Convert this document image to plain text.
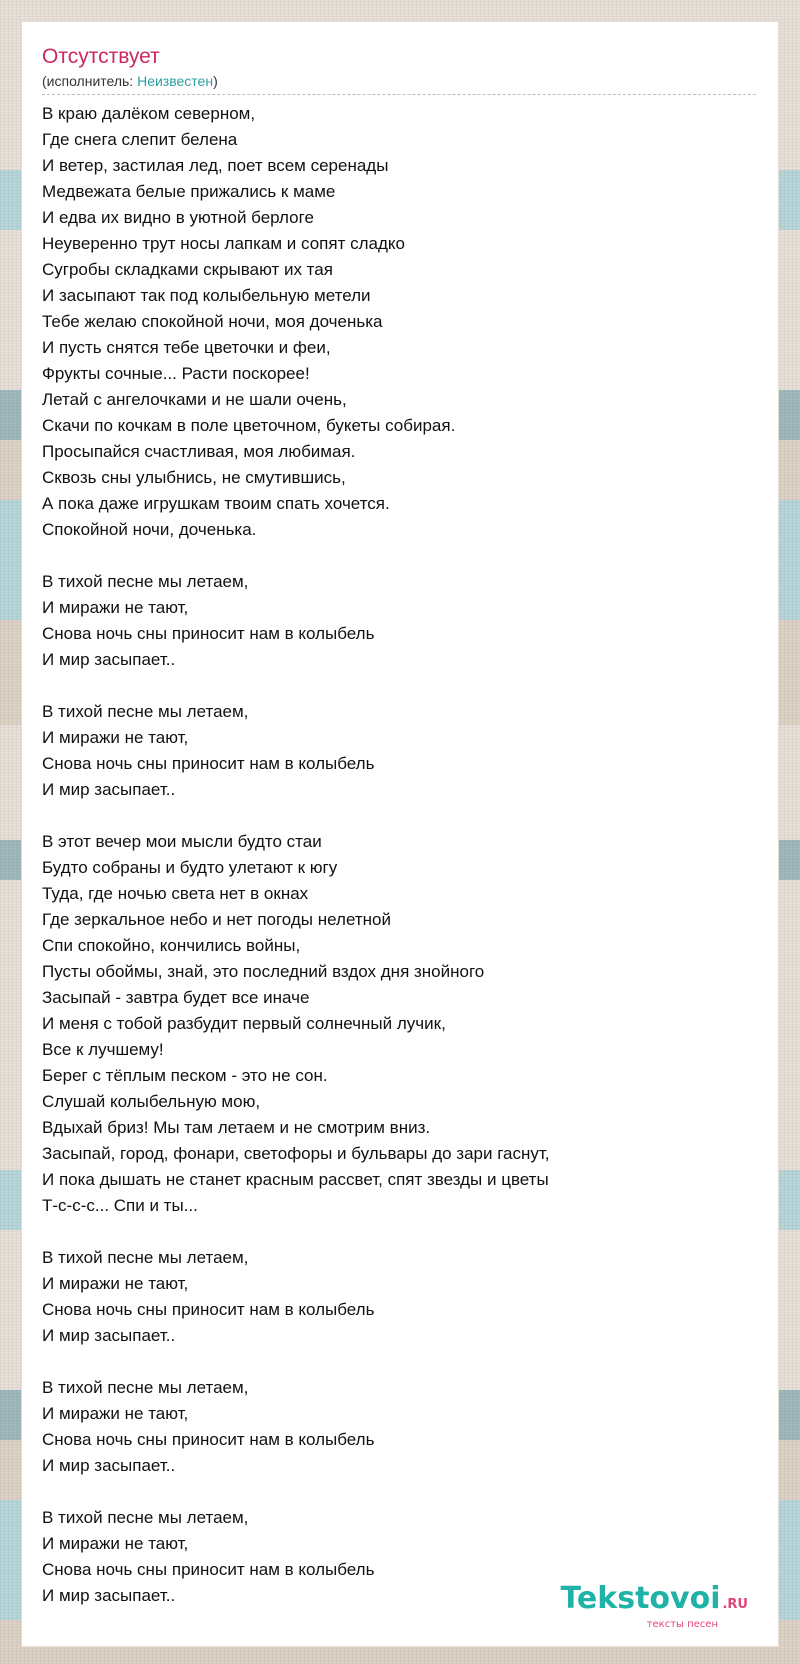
Отсутствует
(исполнитель: Неизвестен)
В краю далёком северном,
Где снега слепит белена
И ветер, застилая лед, поет всем серенады
Медвежата белые прижались к маме
И едва их видно в уютной берлоге
Неуверенно трут носы лапкам и сопят сладко
Сугробы складками скрывают их тая
И засыпают так под колыбельную метели
Тебе желаю спокойной ночи, моя доченька
И пусть снятся тебе цветочки и феи,
Фрукты сочные... Расти поскорее!
Летай с ангелочками и не шали очень,
Скачи по кочкам в поле цветочном, букеты собирая.
Просыпайся счастливая, моя любимая.
Сквозь сны улыбнись, не смутившись,
А пока даже игрушкам твоим спать хочется.
Спокойной ночи, доченька.
В тихой песне мы летаем,
И миражи не тают,
Снова ночь сны приносит нам в колыбель
И мир засыпает..
В тихой песне мы летаем,
И миражи не тают,
Снова ночь сны приносит нам в колыбель
И мир засыпает..
В этот вечер мои мысли будто стаи
Будто собраны и будто улетают к югу
Туда, где ночью света нет в окнах
Где зеркальное небо и нет погоды нелетной
Спи спокойно, кончились войны,
Пусты обоймы, знай, это последний вздох дня знойного
Засыпай - завтра будет все иначе
И меня с тобой разбудит первый солнечный лучик,
Все к лучшему!
Берег с тёплым песком - это не сон.
Слушай колыбельную мою,
Вдыхай бриз! Мы там летаем и не смотрим вниз.
Засыпай, город, фонари, светофоры и бульвары до зари гаснут,
И пока дышать не станет красным рассвет, спят звезды и цветы
Т-с-с-с... Спи и ты...
В тихой песне мы летаем,
И миражи не тают,
Снова ночь сны приносит нам в колыбель
И мир засыпает..
В тихой песне мы летаем,
И миражи не тают,
Снова ночь сны приносит нам в колыбель
И мир засыпает..
В тихой песне мы летаем,
И миражи не тают,
Снова ночь сны приносит нам в колыбель
И мир засыпает..	Tekstovoi .RU
тексты песен
